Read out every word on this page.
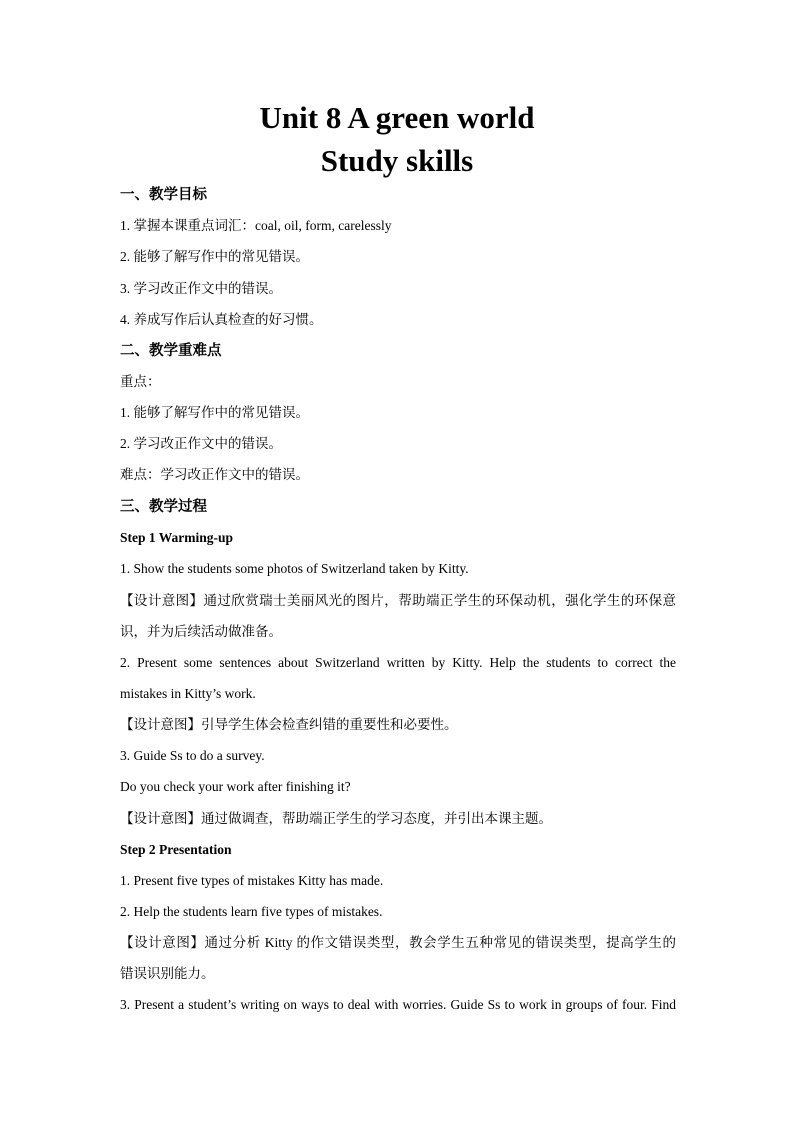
Unit 8 A green world
Study skills

一、教学目标

1. 掌握本课重点词汇：coal, oil, form, carelessly

2. 能够了解写作中的常见错误。

3. 学习改正作文中的错误。

4. 养成写作后认真检查的好习惯。

二、教学重难点

重点：

1. 能够了解写作中的常见错误。

2. 学习改正作文中的错误。

难点：学习改正作文中的错误。

三、教学过程

Step 1 Warming-up

1. Show the students some photos of Switzerland taken by Kitty.

【设计意图】通过欣赏瑞士美丽风光的图片，帮助端正学生的环保动机，强化学生的环保意

识，并为后续活动做准备。

2. Present some sentences about Switzerland written by Kitty. Help the students to correct the

mistakes in Kitty’s work.

【设计意图】引导学生体会检查纠错的重要性和必要性。

3. Guide Ss to do a survey.

Do you check your work after finishing it?

【设计意图】通过做调查，帮助端正学生的学习态度，并引出本课主题。

Step 2 Presentation

1. Present five types of mistakes Kitty has made.

2. Help the students learn five types of mistakes.

【设计意图】通过分析 Kitty 的作文错误类型，教会学生五种常见的错误类型，提高学生的

错误识别能力。

3. Present a student’s writing on ways to deal with worries. Guide Ss to work in groups of four. Find
